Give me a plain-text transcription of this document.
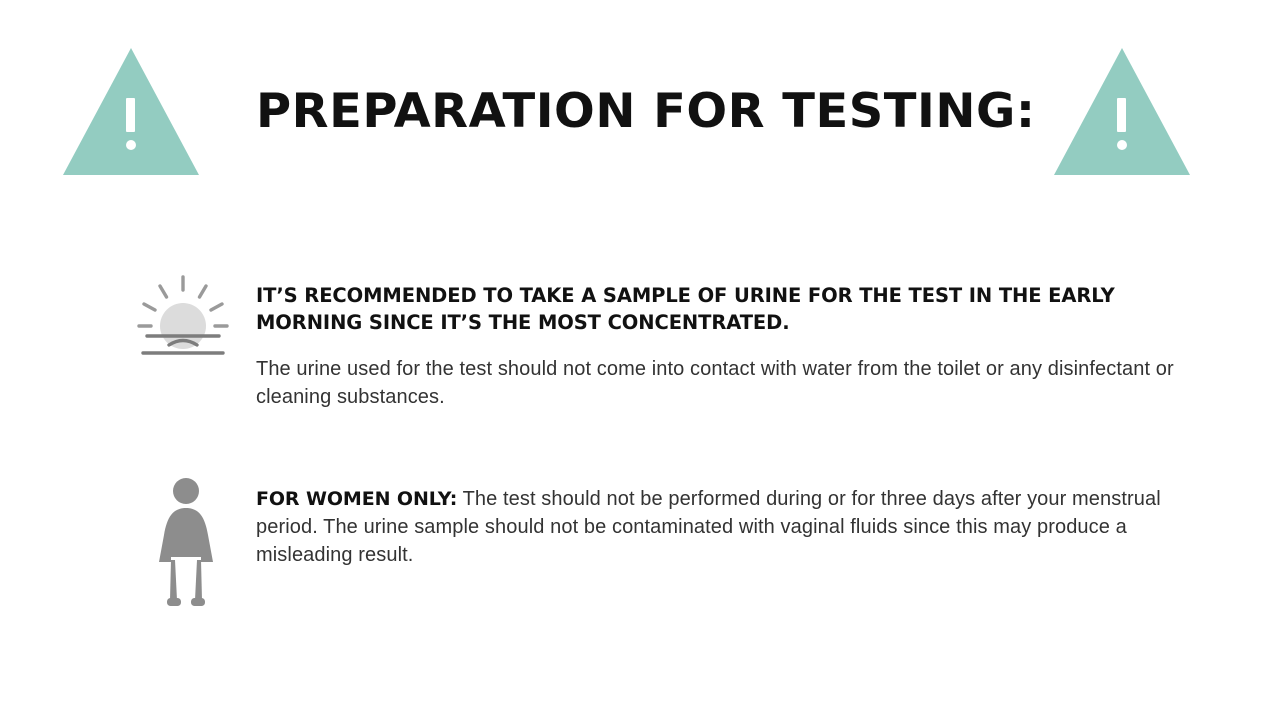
PREPARATION FOR TESTING:
IT’S RECOMMENDED TO TAKE A SAMPLE OF URINE FOR THE TEST IN THE EARLY MORNING SINCE IT’S THE MOST CONCENTRATED.
The urine used for the test should not come into contact with water from the toilet or any disinfectant or cleaning substances.
FOR WOMEN ONLY: The test should not be performed during or for three days after your menstrual period. The urine sample should not be contaminated with vaginal fluids since this may produce a misleading result.
